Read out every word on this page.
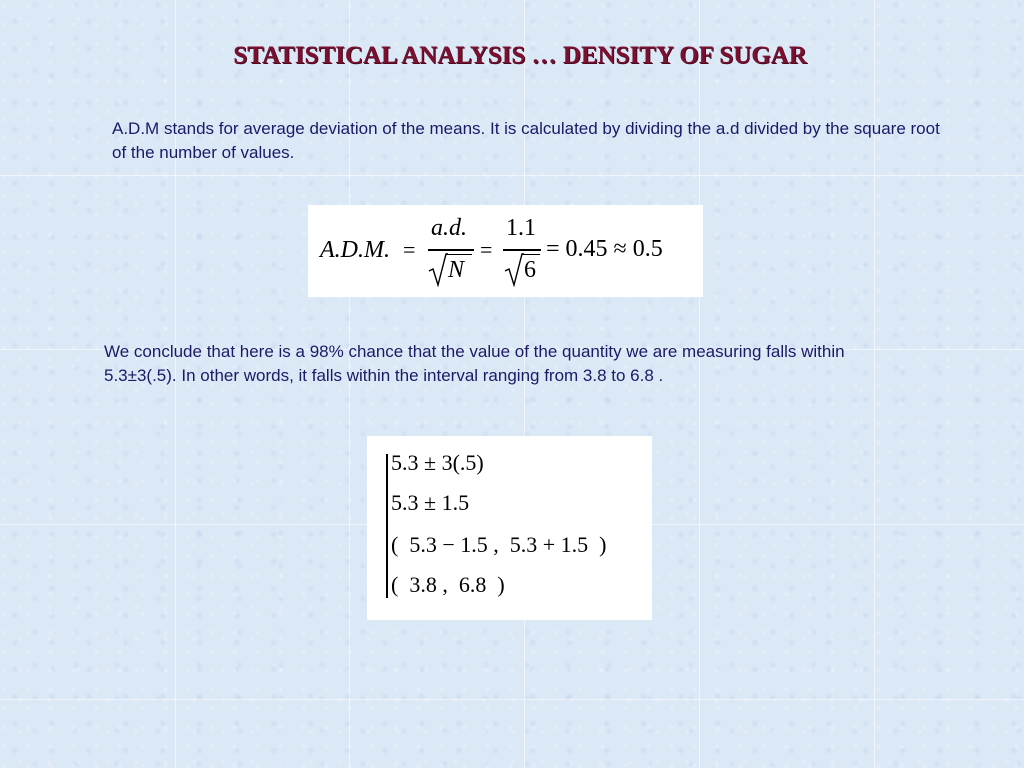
STATISTICAL ANALYSIS … DENSITY OF SUGAR
A.D.M stands for average deviation of the means. It is calculated by dividing the a.d divided by the square root of the number of values.
A.D.M. =
a.d.
N
=
1.1
6
= 0.45 ≈ 0.5
We conclude that here is a 98% chance that the value of the quantity we are measuring falls within 5.3±3(.5). In other words, it falls within the interval ranging from 3.8 to 6.8 .
5.3 ± 3(.5)
5.3 ± 1.5
(  5.3 − 1.5 ,  5.3 + 1.5  )
(  3.8 ,  6.8  )
